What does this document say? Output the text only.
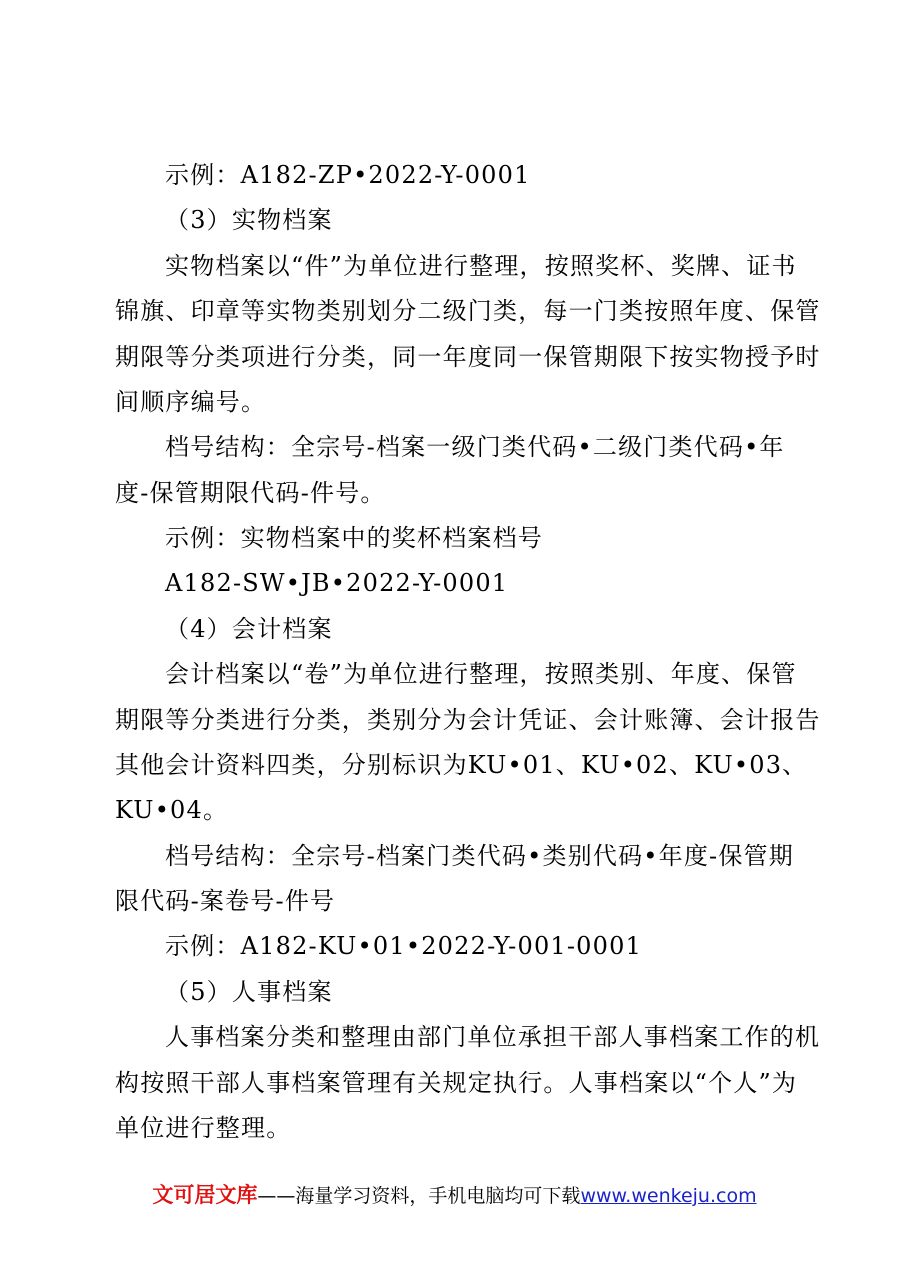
示例：A182-ZP•2022-Y-0001
（3）实物档案
实物档案以“件”为单位进行整理，按照奖杯、奖牌、证书
锦旗、印章等实物类别划分二级门类，每一门类按照年度、保管
期限等分类项进行分类，同一年度同一保管期限下按实物授予时
间顺序编号。
档号结构：全宗号-档案一级门类代码•二级门类代码•年
度-保管期限代码-件号。
示例：实物档案中的奖杯档案档号
A182-SW•JB•2022-Y-0001
（4）会计档案
会计档案以“卷”为单位进行整理，按照类别、年度、保管
期限等分类进行分类，类别分为会计凭证、会计账簿、会计报告
其他会计资料四类，分别标识为KU•01、KU•02、KU•03、
KU•04。
档号结构：全宗号-档案门类代码•类别代码•年度-保管期
限代码-案卷号-件号
示例：A182-KU•01•2022-Y-001-0001
（5）人事档案
人事档案分类和整理由部门单位承担干部人事档案工作的机
构按照干部人事档案管理有关规定执行。人事档案以“个人”为
单位进行整理。
文可居文库——海量学习资料，手机电脑均可下载www.wenkeju.com
